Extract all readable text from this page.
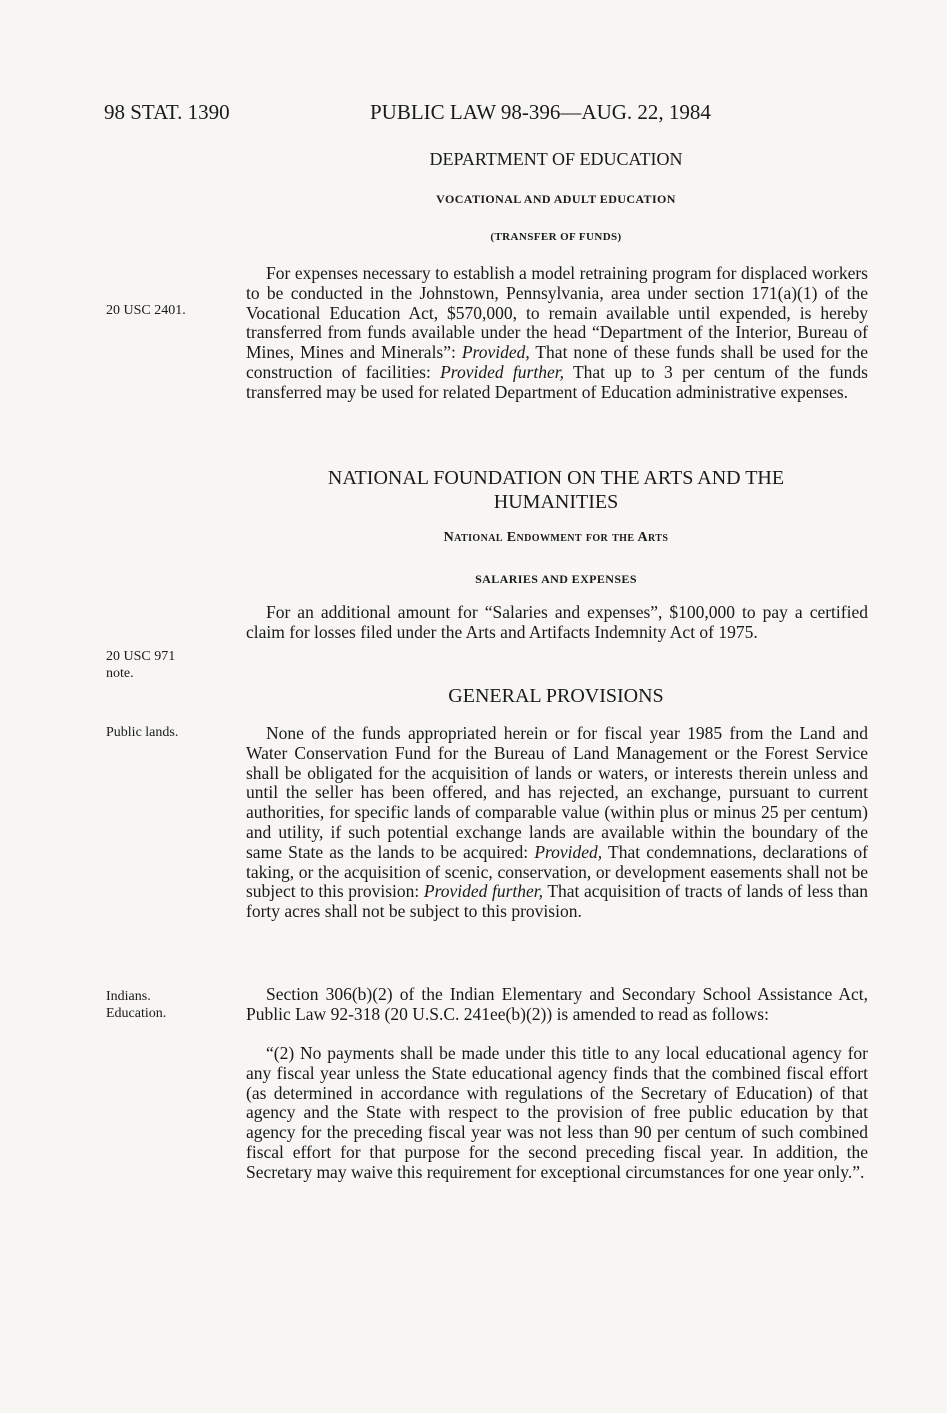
98 STAT. 1390	PUBLIC LAW 98-396—AUG. 22, 1984
DEPARTMENT OF EDUCATION
VOCATIONAL AND ADULT EDUCATION
(TRANSFER OF FUNDS)
20 USC 2401.

For expenses necessary to establish a model retraining program for displaced workers to be conducted in the Johnstown, Pennsylvania, area under section 171(a)(1) of the Vocational Education Act, $570,000, to remain available until expended, is hereby transferred from funds available under the head “Department of the Interior, Bureau of Mines, Mines and Minerals”: Provided, That none of these funds shall be used for the construction of facilities: Provided further, That up to 3 per centum of the funds transferred may be used for related Department of Education administrative expenses.

NATIONAL FOUNDATION ON THE ARTS AND THE
HUMANITIES
National Endowment for the Arts
SALARIES AND EXPENSES
20 USC 971
note.

For an additional amount for “Salaries and expenses”, $100,000 to pay a certified claim for losses filed under the Arts and Artifacts Indemnity Act of 1975.

GENERAL PROVISIONS
Public lands.	None of the funds appropriated herein or for fiscal year 1985 from the Land and Water Conservation Fund for the Bureau of Land Management or the Forest Service shall be obligated for the acquisition of lands or waters, or interests therein unless and until the seller has been offered, and has rejected, an exchange, pursuant to current authorities, for specific lands of comparable value (within plus or minus 25 per centum) and utility, if such potential exchange lands are available within the boundary of the same State as the lands to be acquired: Provided, That condemnations, declarations of taking, or the acquisition of scenic, conservation, or development easements shall not be subject to this provision: Provided further, That acquisition of tracts of lands of less than forty acres shall not be subject to this provision.

Indians.
Education.

Section 306(b)(2) of the Indian Elementary and Secondary School Assistance Act, Public Law 92-318 (20 U.S.C. 241ee(b)(2)) is amended to read as follows:

“(2) No payments shall be made under this title to any local educational agency for any fiscal year unless the State educational agency finds that the combined fiscal effort (as determined in accordance with regulations of the Secretary of Education) of that agency and the State with respect to the provision of free public education by that agency for the preceding fiscal year was not less than 90 per centum of such combined fiscal effort for that purpose for the second preceding fiscal year. In addition, the Secretary may waive this requirement for exceptional circumstances for one year only.”.
